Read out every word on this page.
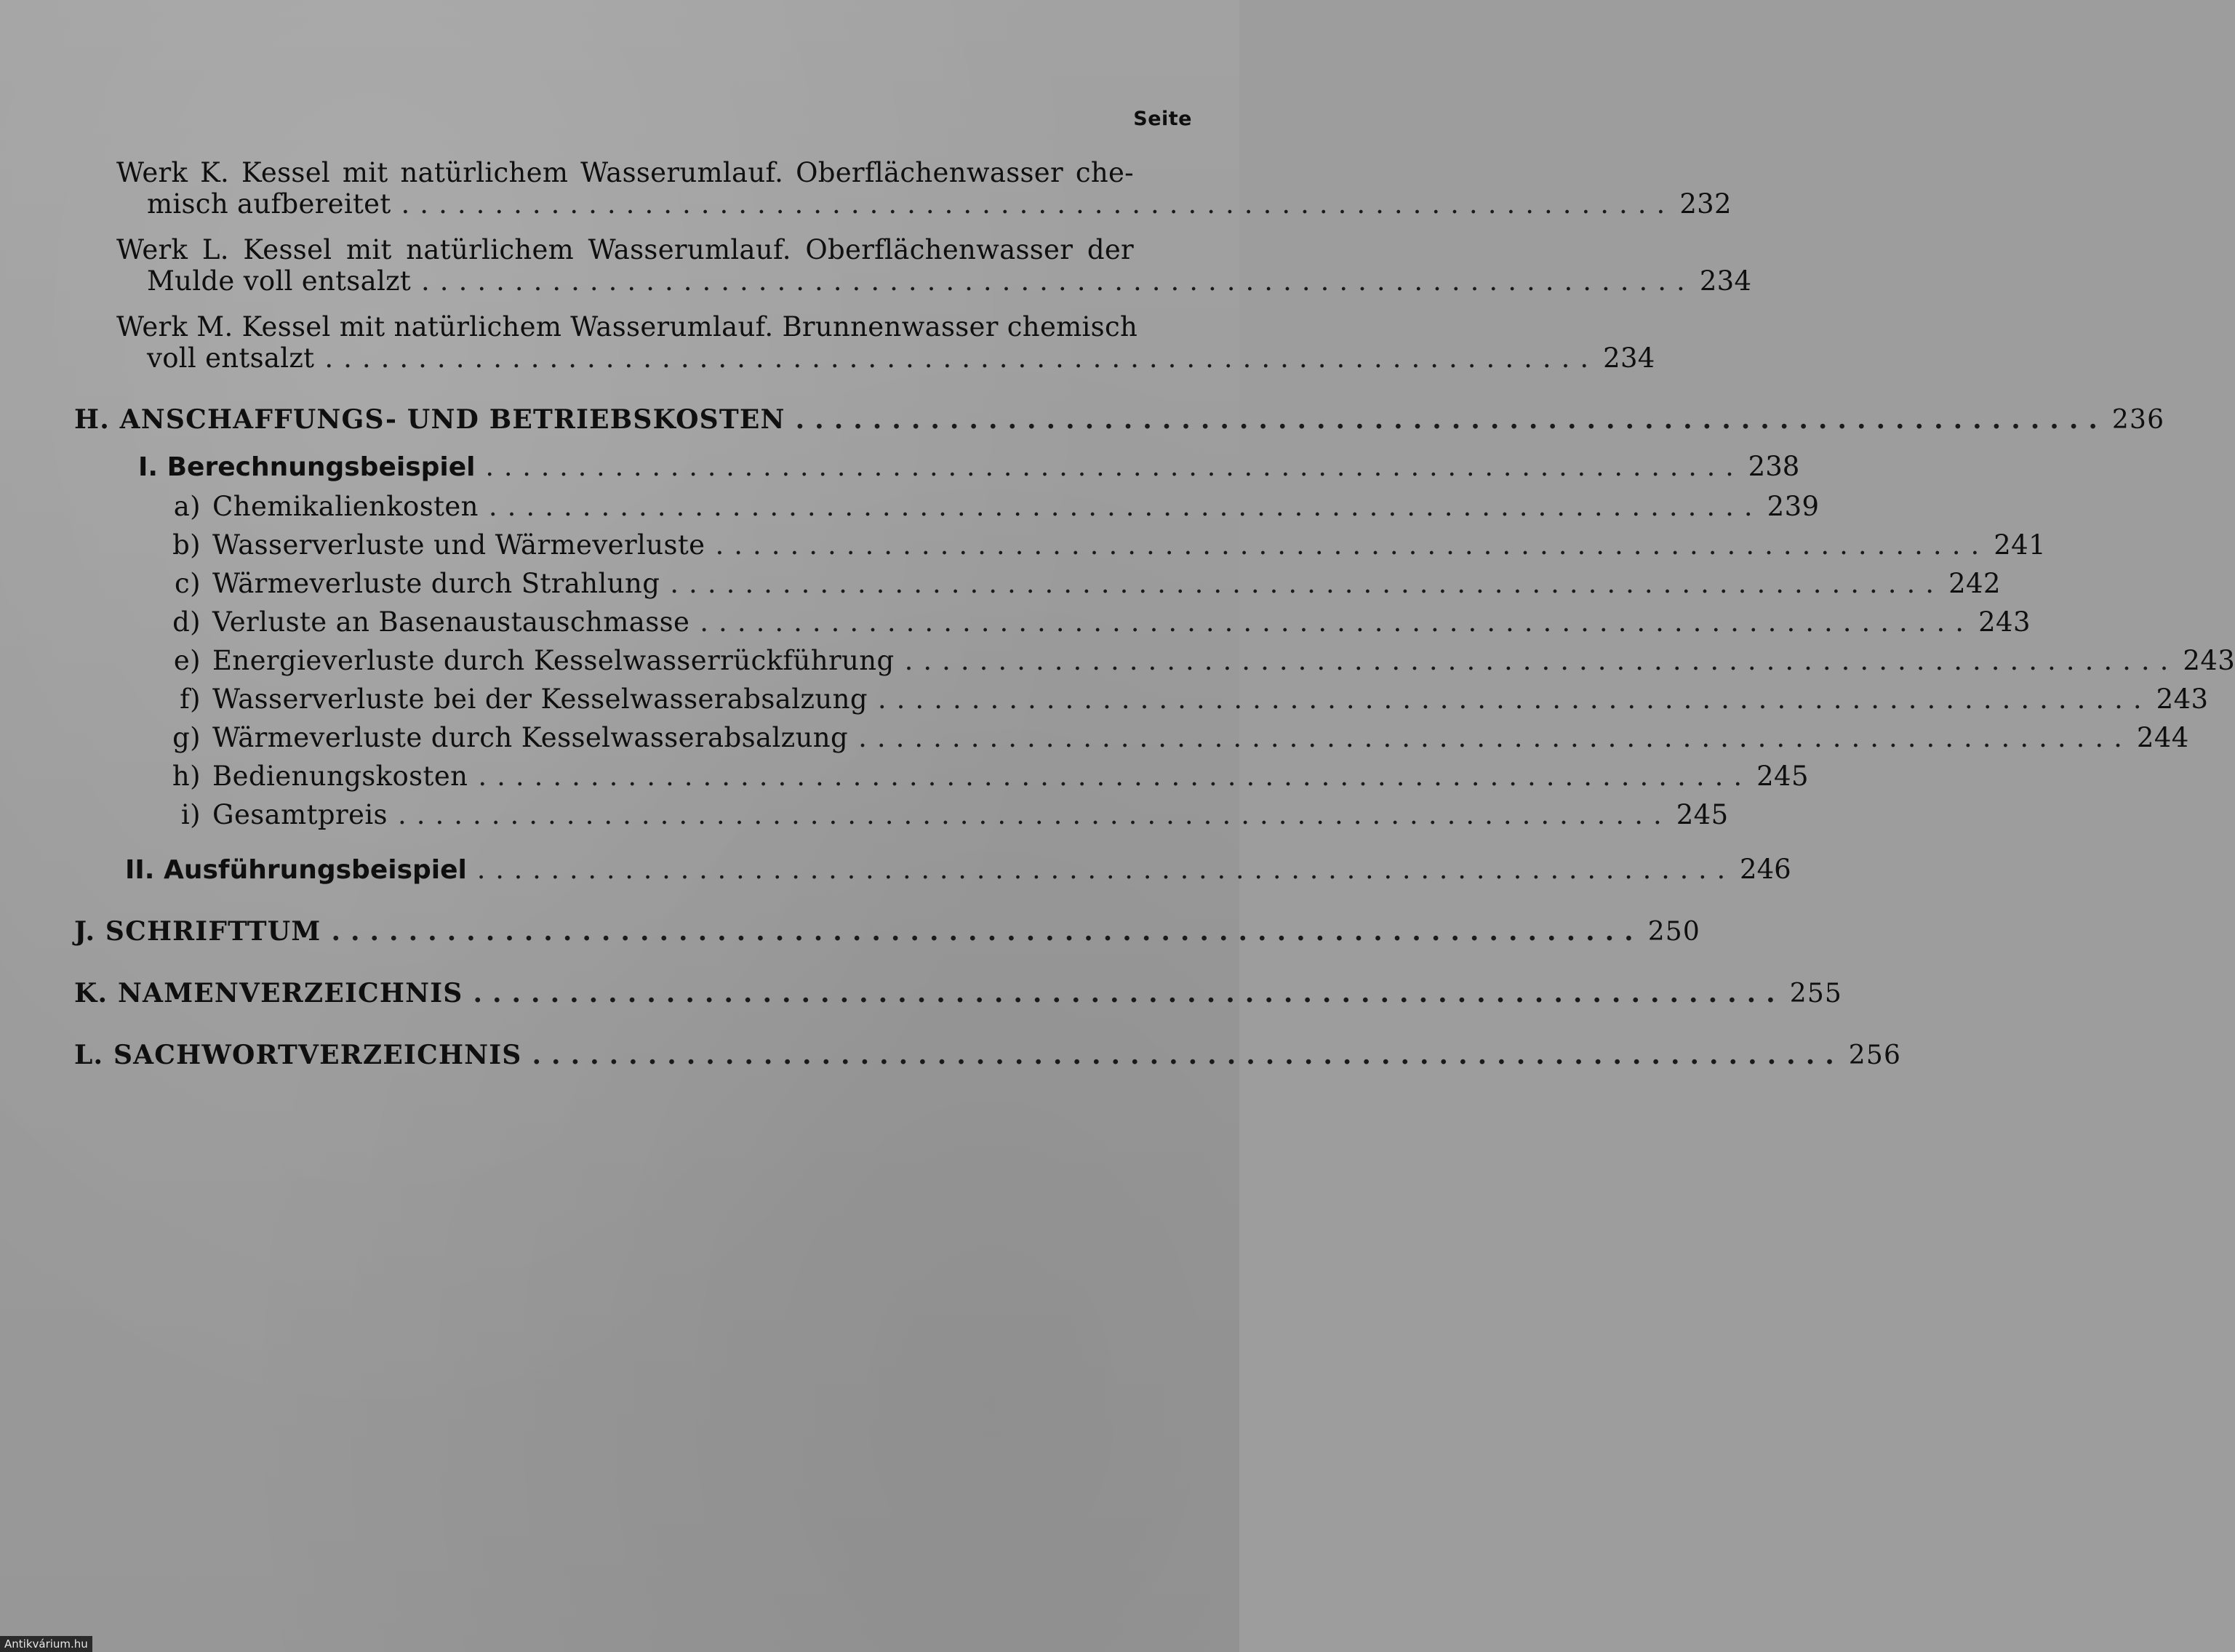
Seite
Werk K. Kessel mit natürlichem Wasserumlauf. Oberflächenwasser che-
misch aufbereitet .................................................................... 232
Werk L. Kessel mit natürlichem Wasserumlauf. Oberflächenwasser der
Mulde voll entsalzt .................................................................... 234
Werk M. Kessel mit natürlichem Wasserumlauf. Brunnenwasser chemisch
voll entsalzt .................................................................... 234
H. ANSCHAFFUNGS- UND BETRIEBSKOSTEN .................................................................... 236
I. Berechnungsbeispiel .................................................................... 238
a) Chemikalienkosten .................................................................... 239
b) Wasserverluste und Wärmeverluste .................................................................... 241
c) Wärmeverluste durch Strahlung .................................................................... 242
d) Verluste an Basenaustauschmasse .................................................................... 243
e) Energieverluste durch Kesselwasserrückführung .................................................................... 243
f) Wasserverluste bei der Kesselwasserabsalzung .................................................................... 243
g) Wärmeverluste durch Kesselwasserabsalzung .................................................................... 244
h) Bedienungskosten .................................................................... 245
i) Gesamtpreis .................................................................... 245
II. Ausführungsbeispiel .................................................................... 246
J. SCHRIFTTUM .................................................................... 250
K. NAMENVERZEICHNIS .................................................................... 255
L. SACHWORTVERZEICHNIS .................................................................... 256
Antikvárium.hu
